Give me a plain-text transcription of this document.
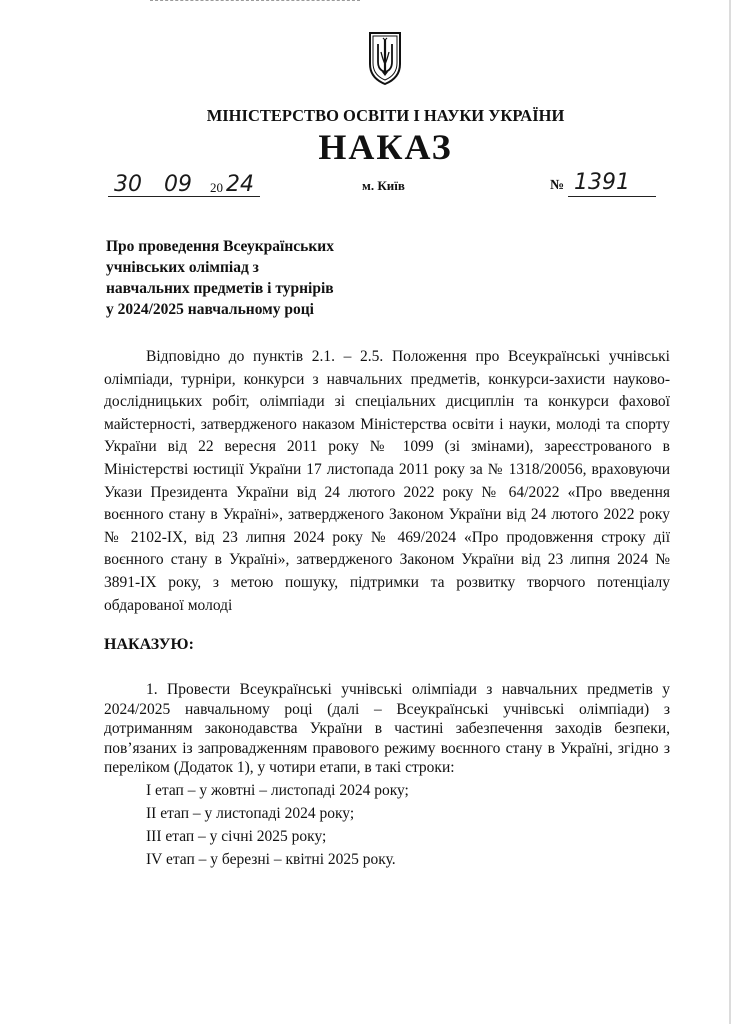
МІНІСТЕРСТВО ОСВІТИ І НАУКИ УКРАЇНИ
НАКАЗ
30 09 20 24	м. Київ	№ 1391
Про проведення Всеукраїнських
учнівських олімпіад з
навчальних предметів і турнірів
у 2024/2025 навчальному році
Відповідно до пунктів 2.1. – 2.5. Положення про Всеукраїнські учнівські олімпіади, турніри, конкурси з навчальних предметів, конкурси-захисти науково-дослідницьких робіт, олімпіади зі спеціальних дисциплін та конкурси фахової майстерності, затвердженого наказом Міністерства освіти і науки, молоді та спорту України від 22 вересня 2011 року № 1099 (зі змінами), зареєстрованого в Міністерстві юстиції України 17 листопада 2011 року за № 1318/20056, враховуючи Укази Президента України від 24 лютого 2022 року № 64/2022 «Про введення воєнного стану в Україні», затвердженого Законом України від 24 лютого 2022 року № 2102-IX, від 23 липня 2024 року № 469/2024 «Про продовження строку дії воєнного стану в Україні», затвердженого Законом України від 23 липня 2024 № 3891-IX року, з метою пошуку, підтримки та розвитку творчого потенціалу обдарованої молоді
НАКАЗУЮ:

1. Провести Всеукраїнські учнівські олімпіади з навчальних предметів у 2024/2025 навчальному році (далі – Всеукраїнські учнівські олімпіади) з дотриманням законодавства України в частині забезпечення заходів безпеки, пов’язаних із запровадженням правового режиму воєнного стану в Україні, згідно з переліком (Додаток 1), у чотири етапи, в такі строки:

І етап – у жовтні – листопаді 2024 року;
ІІ етап – у листопаді 2024 року;
ІІІ етап – у січні 2025 року;
ІV етап – у березні – квітні 2025 року.
